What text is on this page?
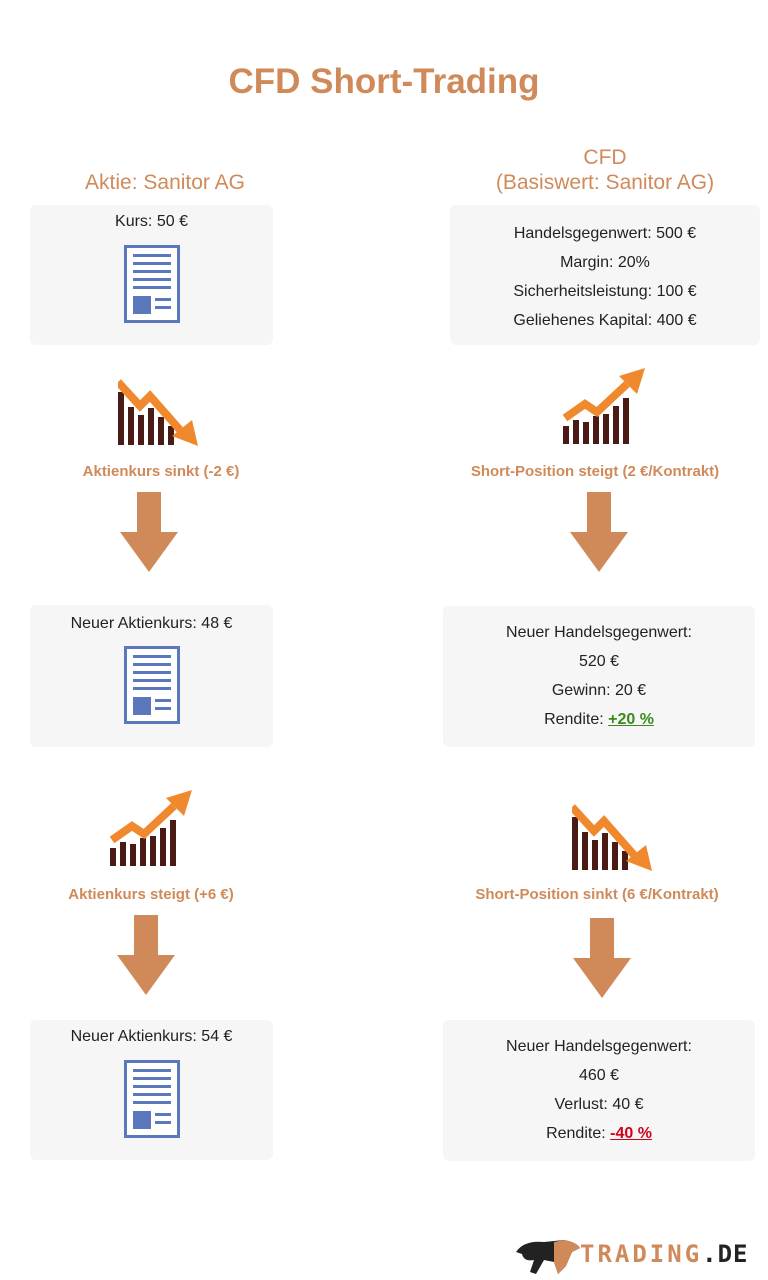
CFD Short-Trading
Aktie: Sanitor AG
CFD
(Basiswert: Sanitor AG)
Kurs: 50 €
Aktienkurs sinkt (-2 €)
Neuer Aktienkurs: 48 €
Aktienkurs steigt (+6 €)
Neuer Aktienkurs: 54 €
Handelsgegenwert: 500 €
Margin: 20%
Sicherheitsleistung: 100 €
Geliehenes Kapital: 400 €
Short-Position steigt (2 €/Kontrakt)
Neuer Handelsgegenwert:
520 €
Gewinn: 20 €
Rendite: +20 %
Short-Position sinkt (6 €/Kontrakt)
Neuer Handelsgegenwert:
460 €
Verlust: 40 €
Rendite: -40 %
TRADING.DE
